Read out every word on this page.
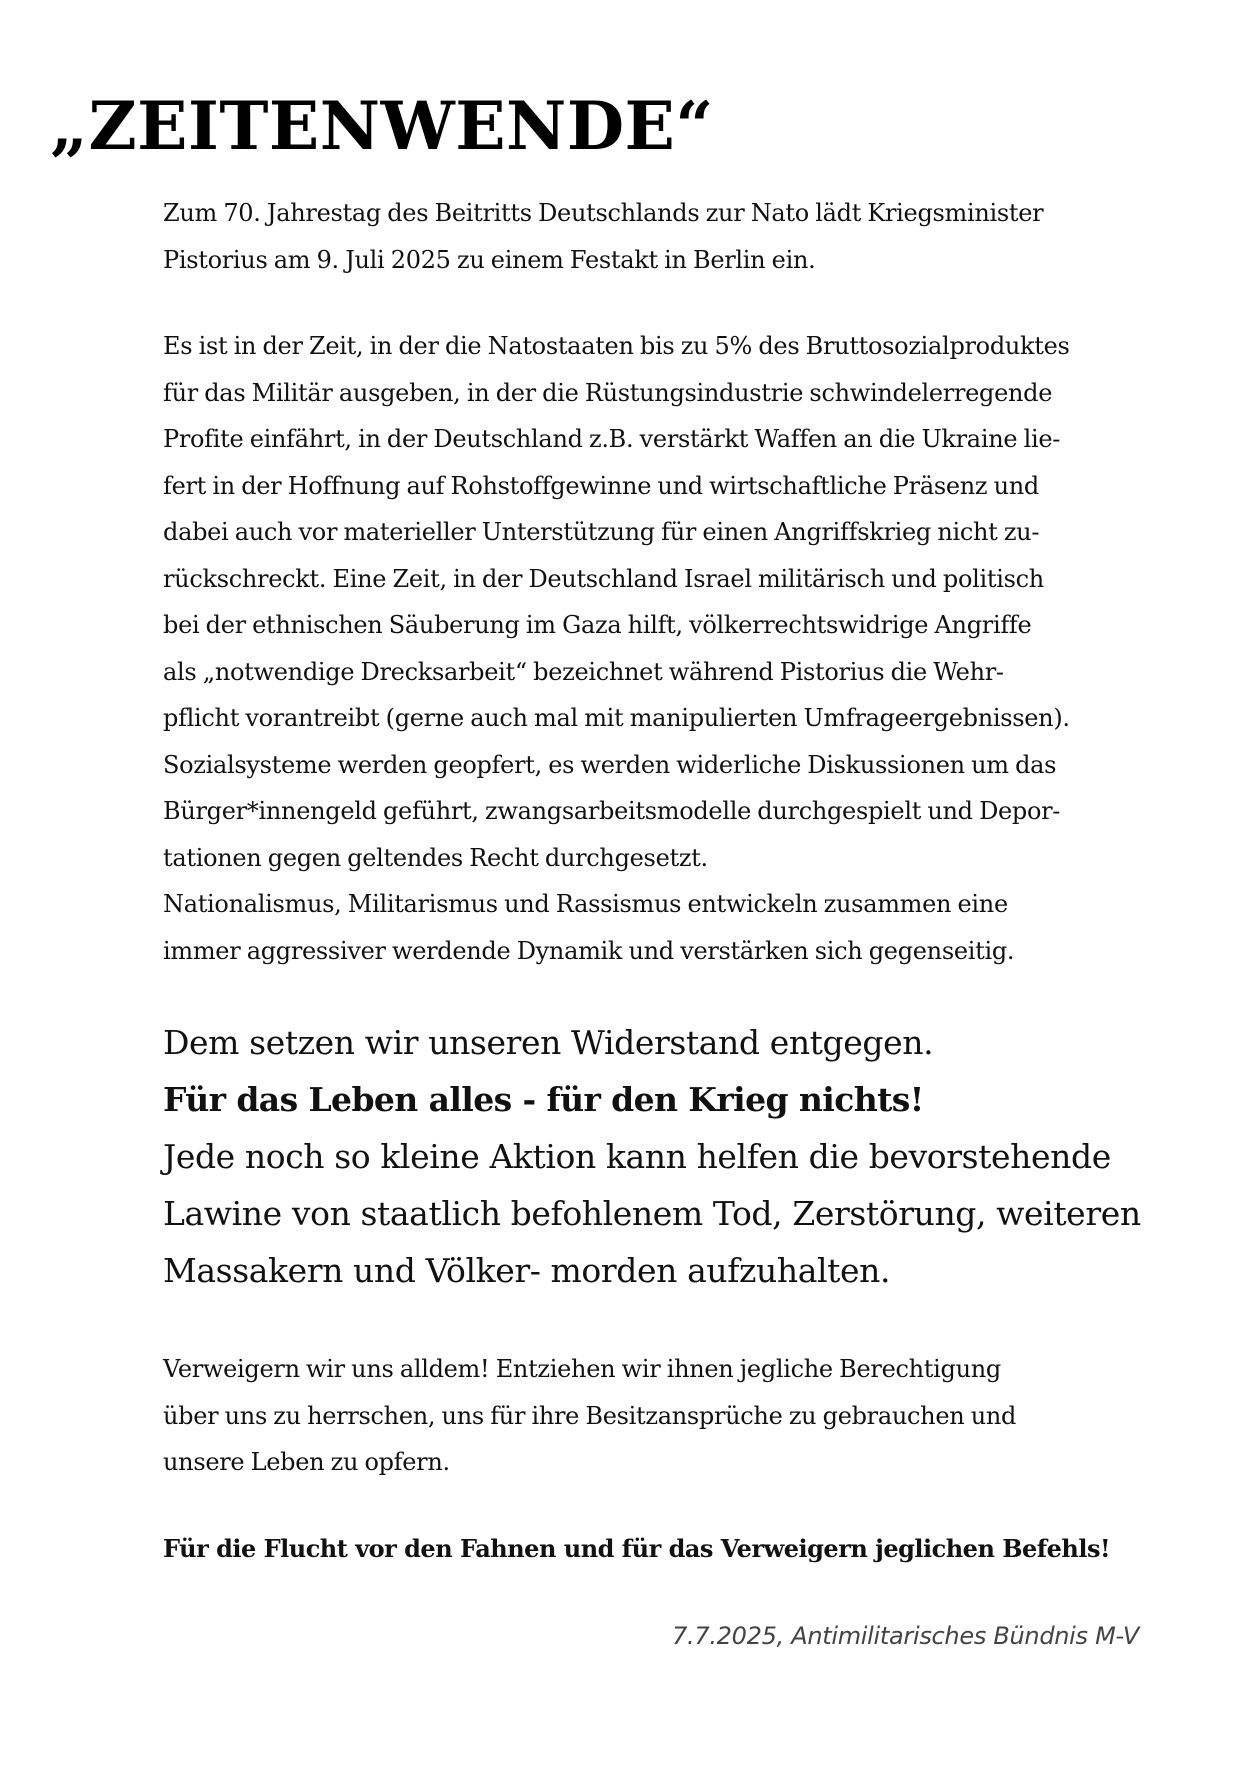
„ZEITENWENDE“

Zum 70. Jahrestag des Beitritts Deutschlands zur Nato lädt Kriegsminister
Pistorius am 9. Juli 2025 zu einem Festakt in Berlin ein.

Es ist in der Zeit, in der die Natostaaten bis zu 5% des Bruttosozialproduktes
für das Militär ausgeben, in der die Rüstungsindustrie schwindelerregende
Profite einfährt, in der Deutschland z.B. verstärkt Waffen an die Ukraine lie-
fert in der Hoffnung auf Rohstoffgewinne und wirtschaftliche Präsenz und
dabei auch vor materieller Unterstützung für einen Angriffskrieg nicht zu-
rückschreckt. Eine Zeit, in der Deutschland Israel militärisch und politisch
bei der ethnischen Säuberung im Gaza hilft, völkerrechtswidrige Angriffe
als „notwendige Drecksarbeit“ bezeichnet während Pistorius die Wehr-
pflicht vorantreibt (gerne auch mal mit manipulierten Umfrageergebnissen).
Sozialsysteme werden geopfert, es werden widerliche Diskussionen um das
Bürger*innengeld geführt, zwangsarbeitsmodelle durchgespielt und Depor-
tationen gegen geltendes Recht durchgesetzt.
Nationalismus, Militarismus und Rassismus entwickeln zusammen eine
immer aggressiver werdende Dynamik und verstärken sich gegenseitig.

Dem setzen wir unseren Widerstand entgegen.

Für das Leben alles - für den Krieg nichts!

Jede noch so kleine Aktion kann helfen die bevorstehende
Lawine von staatlich befohlenem Tod, Zerstörung, weiteren
Massakern und Völker- morden aufzuhalten.

Verweigern wir uns alldem! Entziehen wir ihnen jegliche Berechtigung
über uns zu herrschen, uns für ihre Besitzansprüche zu gebrauchen und
unsere Leben zu opfern.

Für die Flucht vor den Fahnen und für das Verweigern jeglichen Befehls!

7.7.2025, Antimilitarisches Bündnis M-V
